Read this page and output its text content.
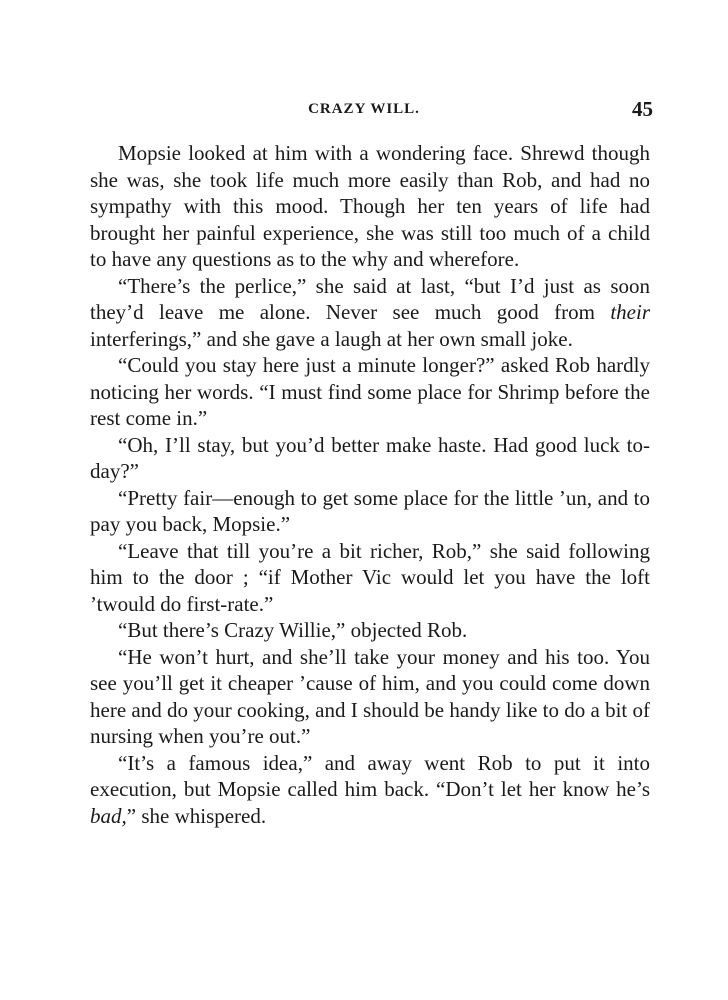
CRAZY WILL.	45

Mopsie looked at him with a wondering face. Shrewd though she was, she took life much more easily than Rob, and had no sympathy with this mood. Though her ten years of life had brought her painful experience, she was still too much of a child to have any questions as to the why and wherefore.

“There’s the perlice,” she said at last, “but I’d just as soon they’d leave me alone. Never see much good from their interferings,” and she gave a laugh at her own small joke.

“Could you stay here just a minute longer?” asked Rob hardly noticing her words. “I must find some place for Shrimp before the rest come in.”

“Oh, I’ll stay, but you’d better make haste. Had good luck to-day?”

“Pretty fair—enough to get some place for the little ’un, and to pay you back, Mopsie.”

“Leave that till you’re a bit richer, Rob,” she said following him to the door ; “if Mother Vic would let you have the loft ’twould do first-rate.”

“But there’s Crazy Willie,” objected Rob.

“He won’t hurt, and she’ll take your money and his too. You see you’ll get it cheaper ’cause of him, and you could come down here and do your cooking, and I should be handy like to do a bit of nursing when you’re out.”

“It’s a famous idea,” and away went Rob to put it into execution, but Mopsie called him back. “Don’t let her know he’s bad,” she whispered.
